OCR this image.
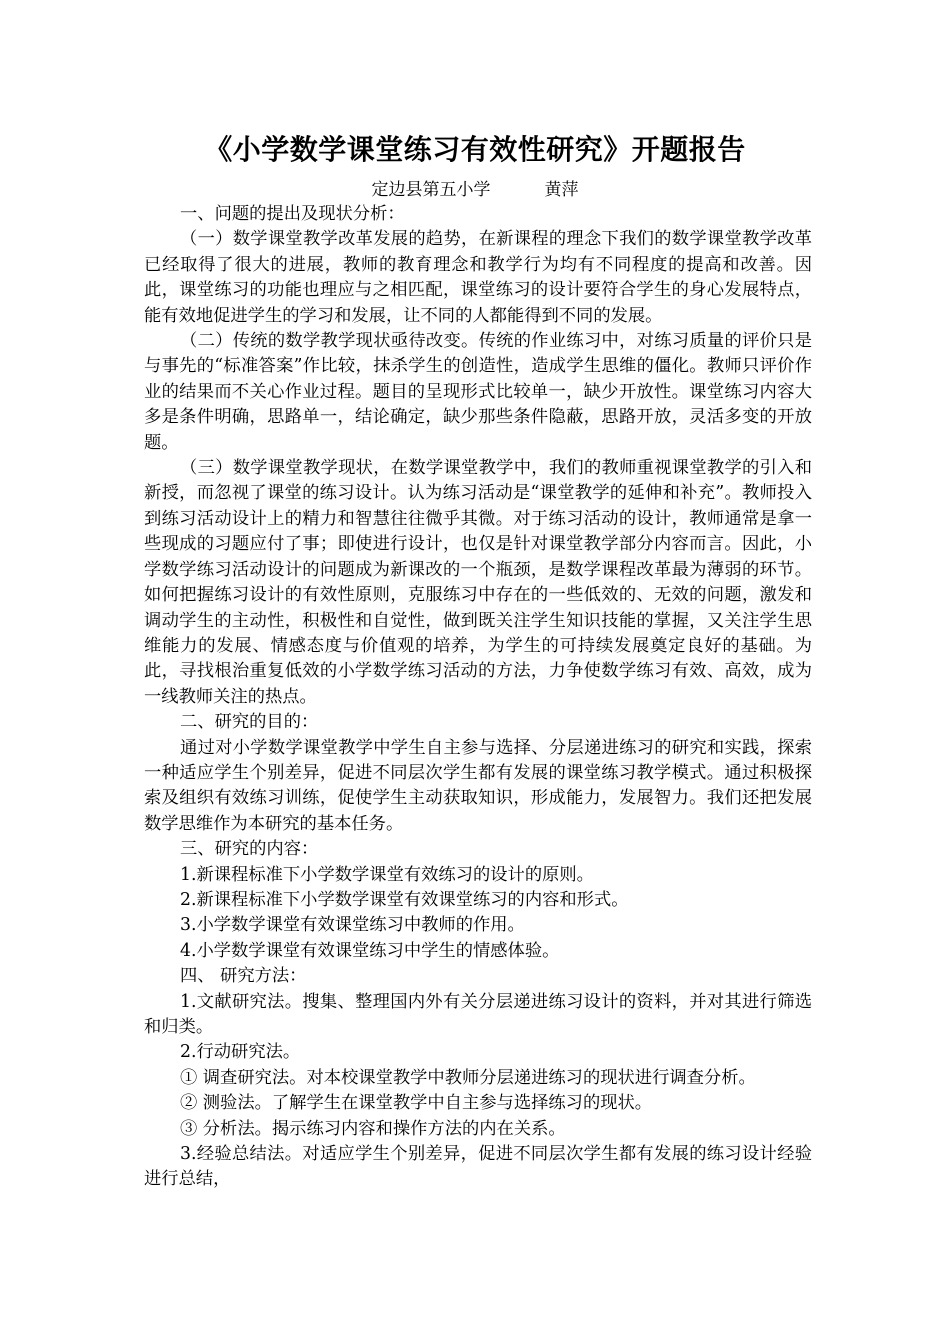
《小学数学课堂练习有效性研究》开题报告
定边县第五小学          黄萍

一、问题的提出及现状分析：

（一）数学课堂教学改革发展的趋势，在新课程的理念下我们的数学课堂教学改革已经取得了很大的进展，教师的教育理念和教学行为均有不同程度的提高和改善。因此，课堂练习的功能也理应与之相匹配，课堂练习的设计要符合学生的身心发展特点，能有效地促进学生的学习和发展，让不同的人都能得到不同的发展。

（二）传统的数学教学现状亟待改变。传统的作业练习中，对练习质量的评价只是与事先的“标准答案”作比较，抹杀学生的创造性，造成学生思维的僵化。教师只评价作业的结果而不关心作业过程。题目的呈现形式比较单一，缺少开放性。课堂练习内容大多是条件明确，思路单一，结论确定，缺少那些条件隐蔽，思路开放，灵活多变的开放题。

（三）数学课堂教学现状，在数学课堂教学中，我们的教师重视课堂教学的引入和新授，而忽视了课堂的练习设计。认为练习活动是“课堂教学的延伸和补充”。教师投入到练习活动设计上的精力和智慧往往微乎其微。对于练习活动的设计，教师通常是拿一些现成的习题应付了事；即使进行设计，也仅是针对课堂教学部分内容而言。因此，小学数学练习活动设计的问题成为新课改的一个瓶颈，是数学课程改革最为薄弱的环节。如何把握练习设计的有效性原则，克服练习中存在的一些低效的、无效的问题，激发和调动学生的主动性，积极性和自觉性，做到既关注学生知识技能的掌握，又关注学生思维能力的发展、情感态度与价值观的培养，为学生的可持续发展奠定良好的基础。为此，寻找根治重复低效的小学数学练习活动的方法，力争使数学练习有效、高效，成为一线教师关注的热点。

二、研究的目的：

通过对小学数学课堂教学中学生自主参与选择、分层递进练习的研究和实践，探索一种适应学生个别差异，促进不同层次学生都有发展的课堂练习教学模式。通过积极探索及组织有效练习训练，促使学生主动获取知识，形成能力，发展智力。我们还把发展数学思维作为本研究的基本任务。

三、研究的内容：

1.新课程标准下小学数学课堂有效练习的设计的原则。

2.新课程标准下小学数学课堂有效课堂练习的内容和形式。

3.小学数学课堂有效课堂练习中教师的作用。

4.小学数学课堂有效课堂练习中学生的情感体验。

四、 研究方法：

1.文献研究法。搜集、整理国内外有关分层递进练习设计的资料，并对其进行筛选和归类。

2.行动研究法。

① 调查研究法。对本校课堂教学中教师分层递进练习的现状进行调查分析。

② 测验法。了解学生在课堂教学中自主参与选择练习的现状。

③ 分析法。揭示练习内容和操作方法的内在关系。

3.经验总结法。对适应学生个别差异，促进不同层次学生都有发展的练习设计经验进行总结，
